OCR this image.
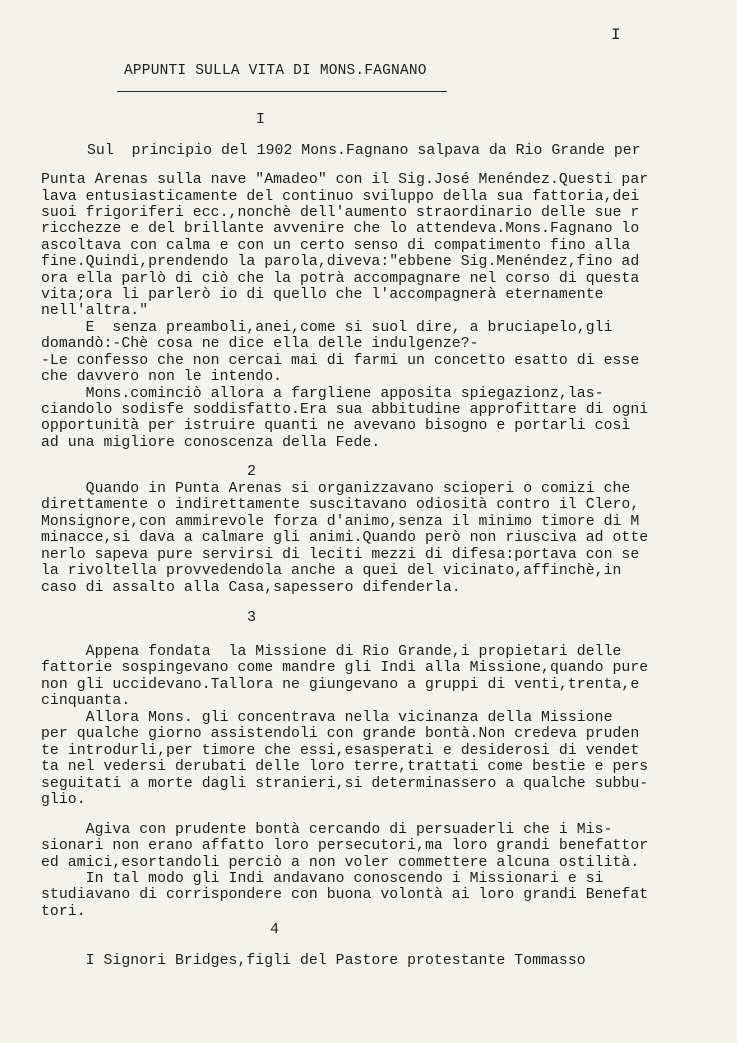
I
APPUNTI SULLA VITA DI MONS.FAGNANO
I
Sul  principio del 1902 Mons.Fagnano salpava da Rio Grande per
Punta Arenas sulla nave "Amadeo" con il Sig.José Menéndez.Questi par
lava entusiasticamente del continuo sviluppo della sua fattoria,dei
suoi frigoriferi ecc.,nonchè dell'aumento straordinario delle sue r
ricchezze e del brillante avvenire che lo attendeva.Mons.Fagnano lo
ascoltava con calma e con un certo senso di compatimento fino alla
fine.Quindi,prendendo la parola,diveva:"ebbene Sig.Menéndez,fino ad
ora ella parlò di ciò che la potrà accompagnare nel corso di questa
vita;ora li parlerò io di quello che l'accompagnerà eternamente
nell'altra."
E  senza preamboli,anei,come si suol dire, a bruciapelo,gli
domandò:-Chè cosa ne dice ella delle indulgenze?-
-Le confesso che non cercai mai di farmi un concetto esatto di esse
che davvero non le intendo.
Mons.cominciò allora a fargliene apposita spiegazionz,las-
ciandolo sodisfe soddisfatto.Era sua abbitudine approfittare di ogni
opportunità per istruire quanti ne avevano bisogno e portarli così
ad una migliore conoscenza della Fede.
2
Quando in Punta Arenas si organizzavano scioperi o comizi che
direttamente o indirettamente suscitavano odiosità contro il Clero,
Monsignore,con ammirevole forza d'animo,senza il minimo timore di M
minacce,si dava a calmare gli animi.Quando però non riusciva ad otte
nerlo sapeva pure servirsi di leciti mezzi di difesa:portava con se
la rivoltella provvedendola anche a quei del vicinato,affinchè,in
caso di assalto alla Casa,sapessero difenderla.
3
Appena fondata  la Missione di Rio Grande,i propietari delle
fattorie sospingevano come mandre gli Indi alla Missione,quando pure
non gli uccidevano.Tallora ne giungevano a gruppi di venti,trenta,e
cinquanta.
Allora Mons. gli concentrava nella vicinanza della Missione
per qualche giorno assistendoli con grande bontà.Non credeva pruden
te introdurli,per timore che essi,esasperati e desiderosi di vendet
ta nel vedersi derubati delle loro terre,trattati come bestie e pers
seguitati a morte dagli stranieri,si determinassero a qualche subbu-
glio.
Agiva con prudente bontà cercando di persuaderli che i Mis-
sionari non erano affatto loro persecutori,ma loro grandi benefattor
ed amici,esortandoli perciò a non voler commettere alcuna ostilità.
In tal modo gli Indi andavano conoscendo i Missionari e si
studiavano di corrispondere con buona volontà ai loro grandi Benefat
tori.
4
I Signori Bridges,figli del Pastore protestante Tommasso
